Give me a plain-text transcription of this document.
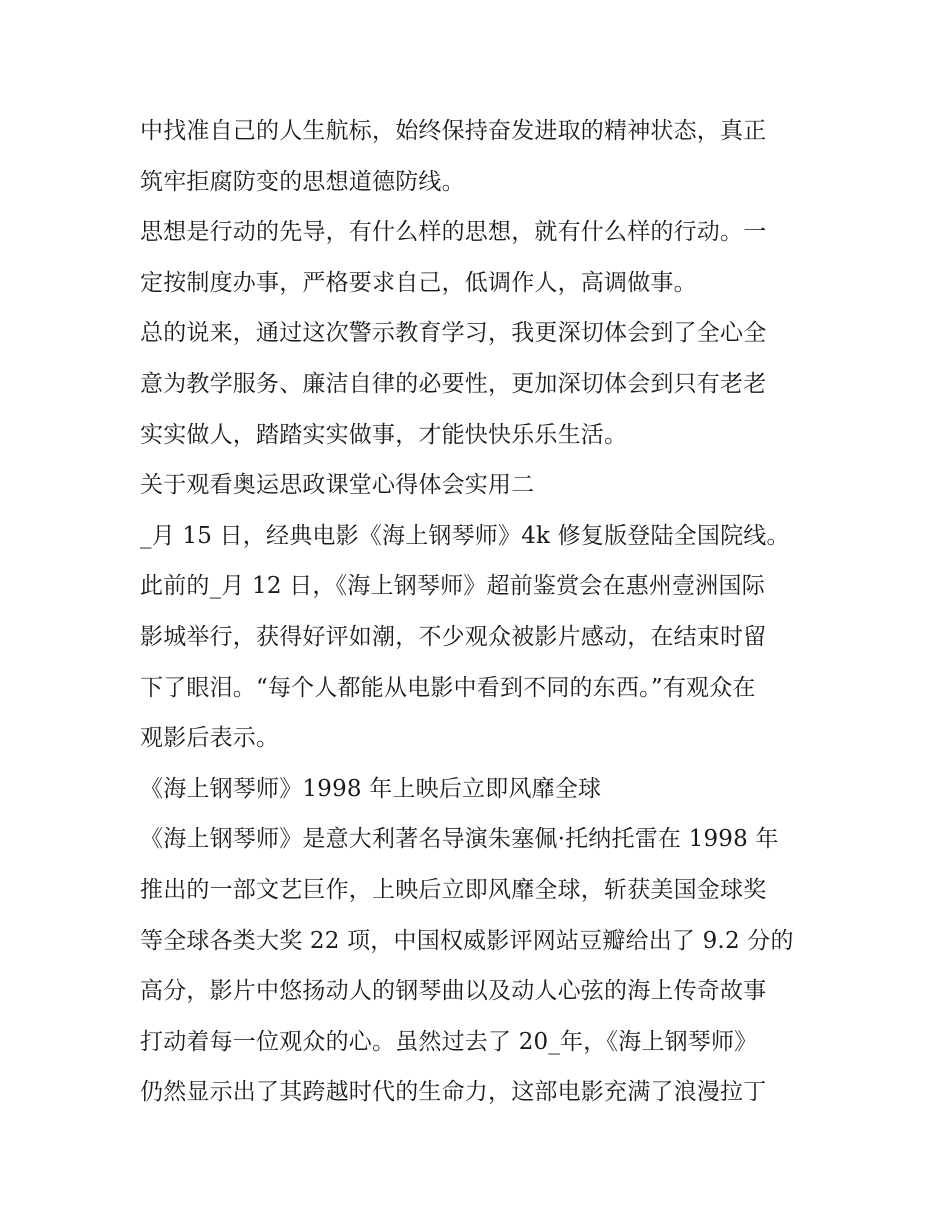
中找准自己的人生航标，始终保持奋发进取的精神状态，真正
筑牢拒腐防变的思想道德防线。
思想是行动的先导，有什么样的思想，就有什么样的行动。一
定按制度办事，严格要求自己，低调作人，高调做事。
总的说来，通过这次警示教育学习，我更深切体会到了全心全
意为教学服务、廉洁自律的必要性，更加深切体会到只有老老
实实做人，踏踏实实做事，才能快快乐乐生活。
关于观看奥运思政课堂心得体会实用二
_月 15 日，经典电影《海上钢琴师》4k 修复版登陆全国院线。
此前的_月 12 日，《海上钢琴师》超前鉴赏会在惠州壹洲国际
影城举行，获得好评如潮，不少观众被影片感动，在结束时留
下了眼泪。“每个人都能从电影中看到不同的东西。”有观众在
观影后表示。
《海上钢琴师》1998 年上映后立即风靡全球
《海上钢琴师》是意大利著名导演朱塞佩·托纳托雷在 1998 年
推出的一部文艺巨作，上映后立即风靡全球，斩获美国金球奖
等全球各类大奖 22 项，中国权威影评网站豆瓣给出了 9.2 分的
高分，影片中悠扬动人的钢琴曲以及动人心弦的海上传奇故事
打动着每一位观众的心。虽然过去了 20_年，《海上钢琴师》
仍然显示出了其跨越时代的生命力，这部电影充满了浪漫拉丁
